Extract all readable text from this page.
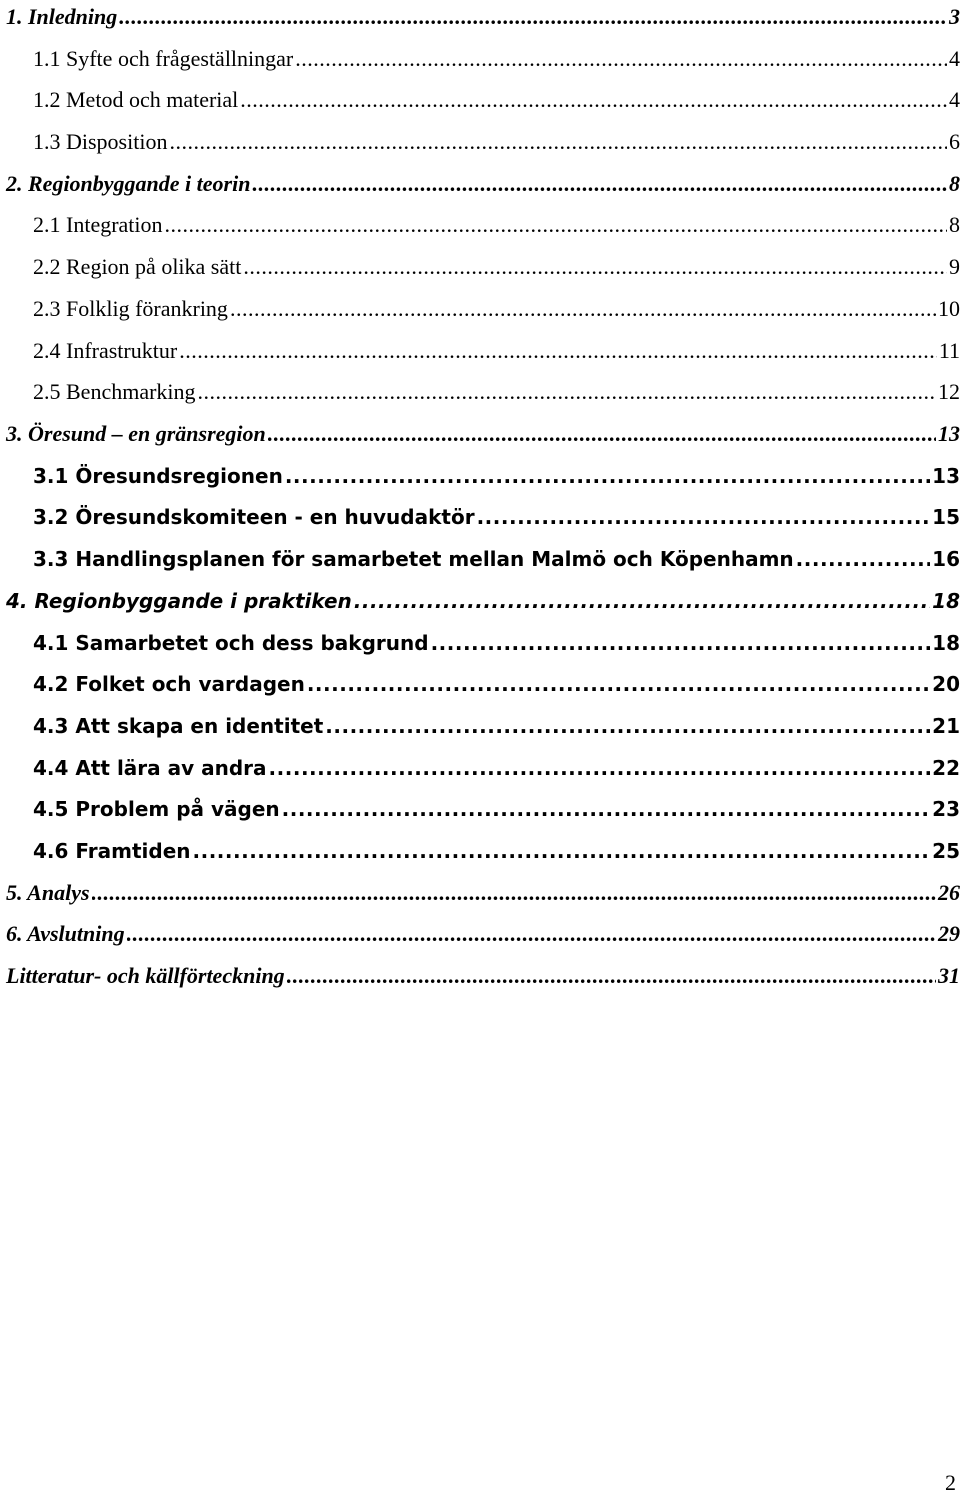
1. Inledning .....	3
1.1 Syfte och frågeställningar .....	4
1.2 Metod och material .....	4
1.3 Disposition .....	6
2. Regionbyggande i teorin .....	8
2.1 Integration .....	8
2.2 Region på olika sätt .....	9
2.3 Folklig förankring .....	10
2.4 Infrastruktur .....	11
2.5 Benchmarking .....	12
3. Öresund – en gränsregion .....	13
3.1 Öresundsregionen .....	13
3.2 Öresundskomiteen - en huvudaktör .....	15
3.3 Handlingsplanen för samarbetet mellan Malmö och Köpenhamn .....	16
4. Regionbyggande i praktiken .....	18
4.1 Samarbetet och dess bakgrund .....	18
4.2 Folket och vardagen .....	20
4.3 Att skapa en identitet .....	21
4.4 Att lära av andra .....	22
4.5 Problem på vägen .....	23
4.6 Framtiden .....	25
5. Analys .....	26
6. Avslutning .....	29
Litteratur- och källförteckning .....	31
2
